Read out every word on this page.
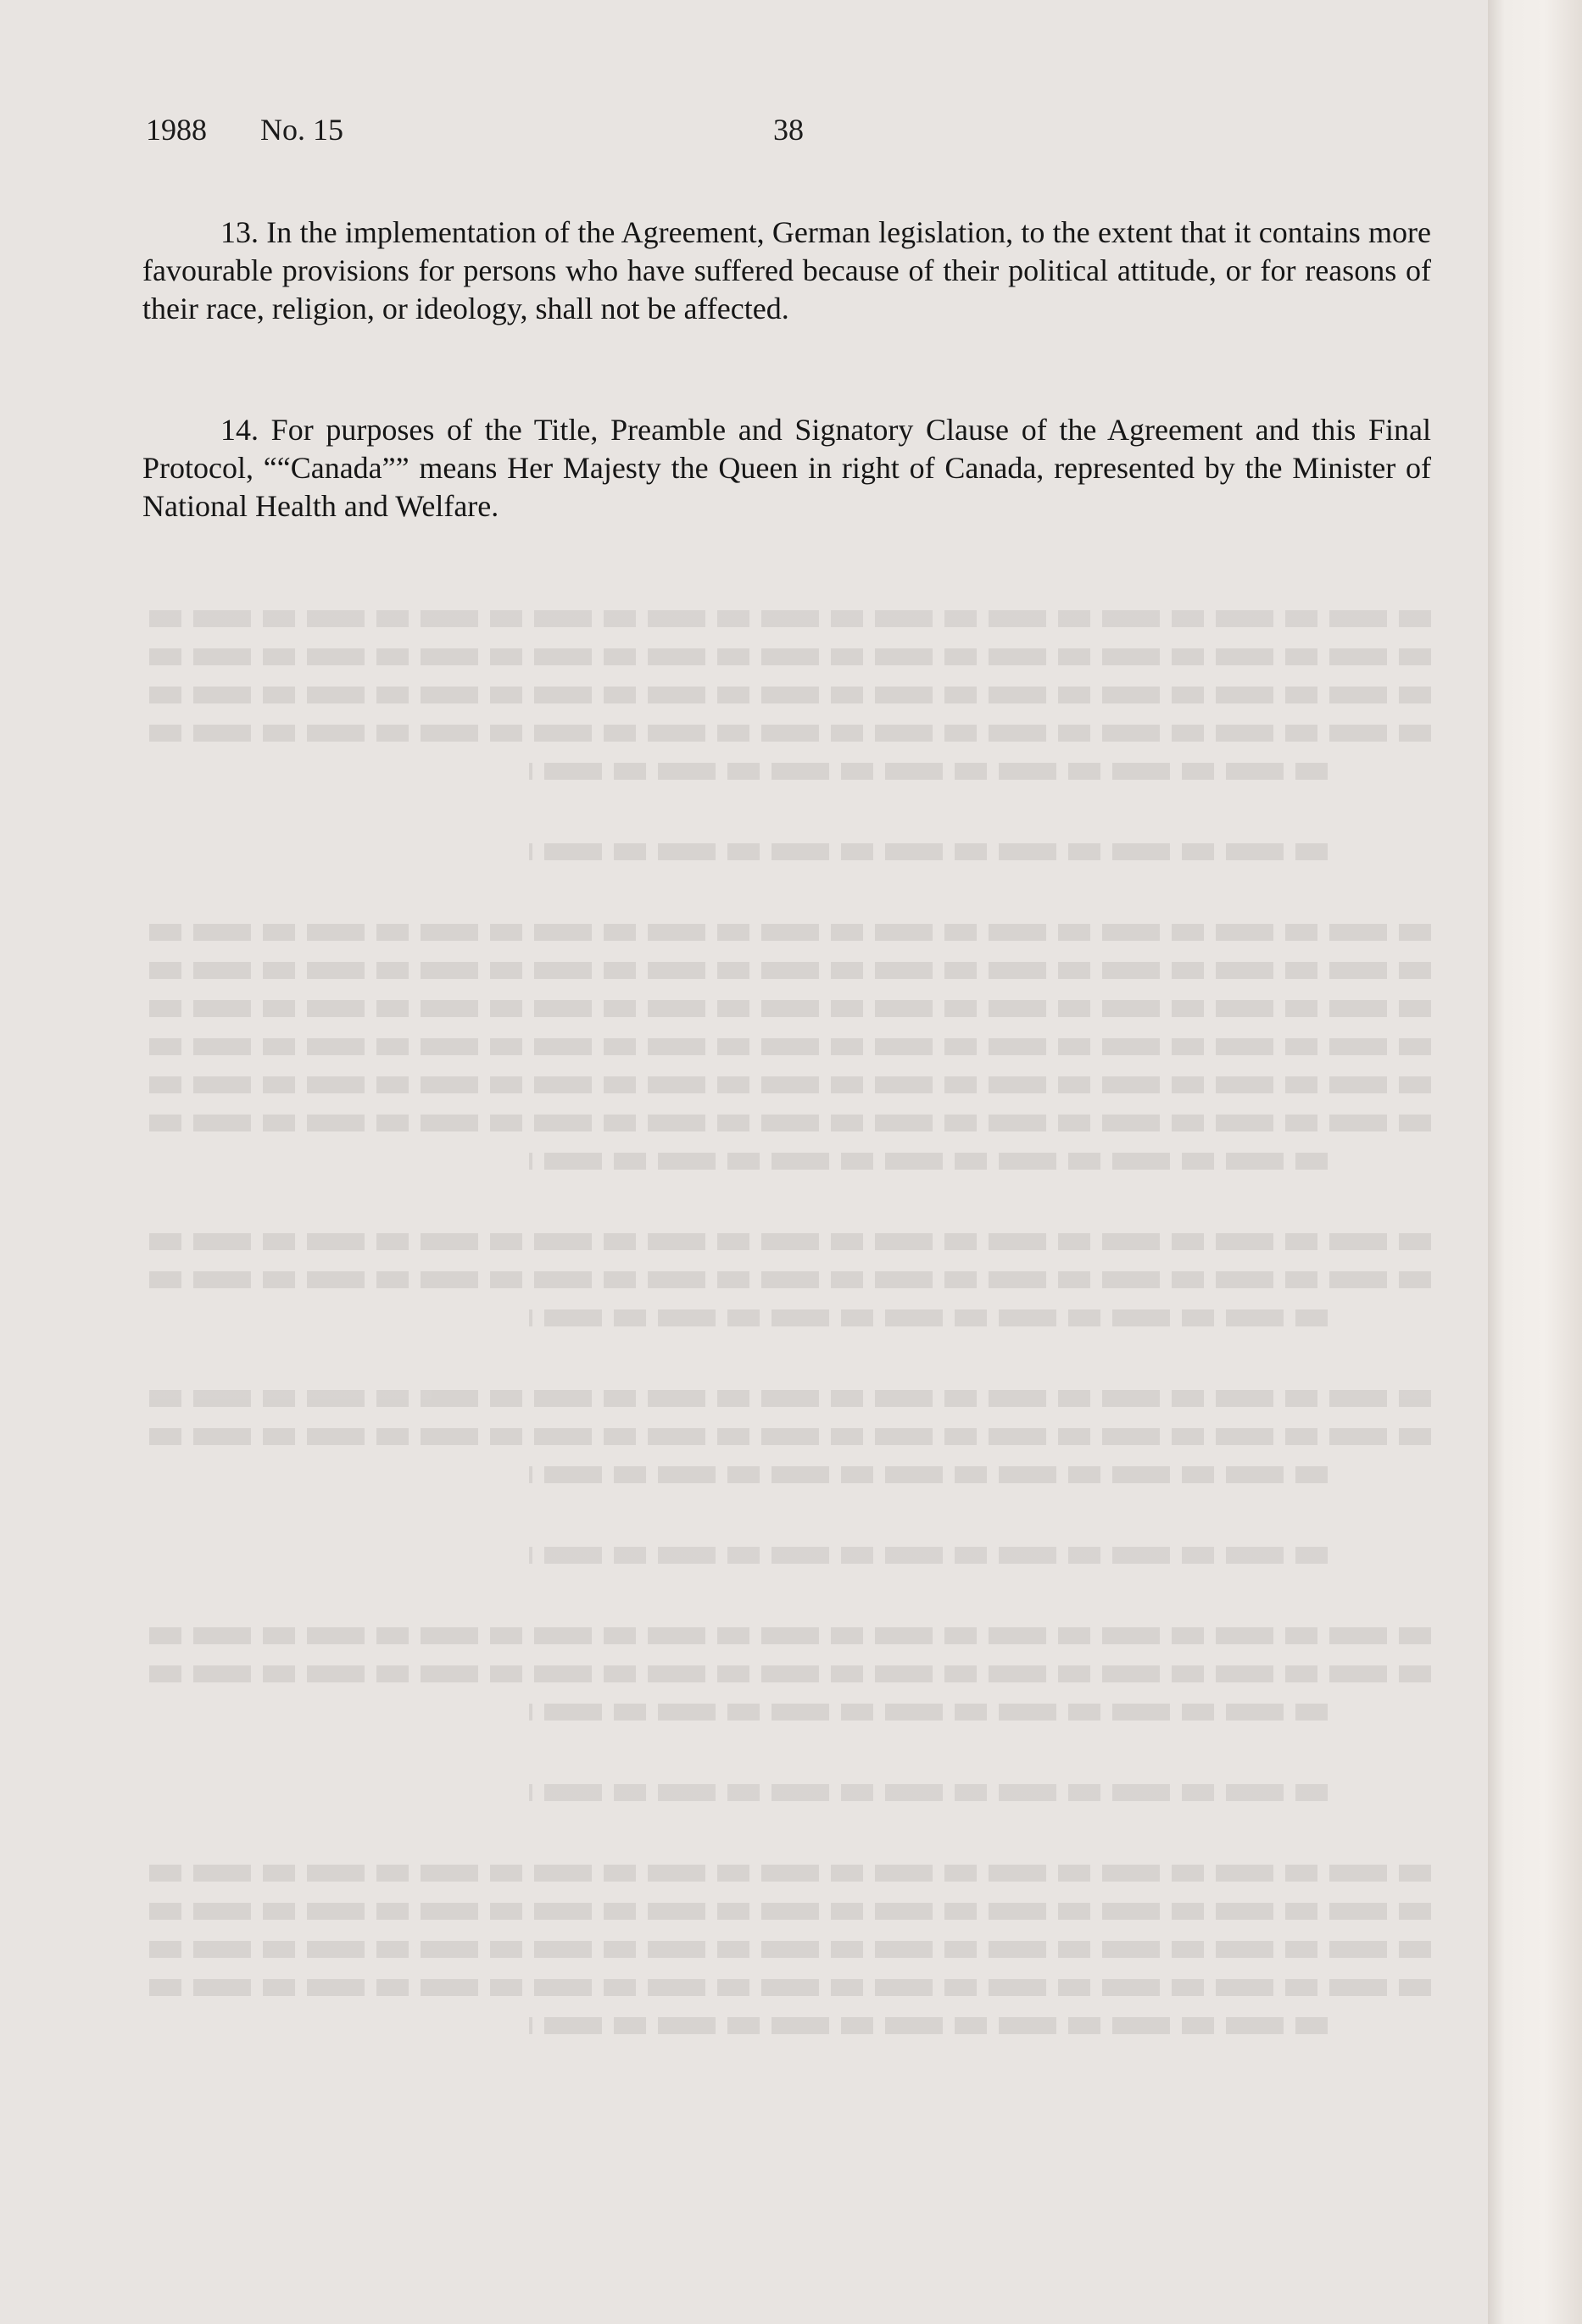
1988 No. 15	38

13. In the implementation of the Agreement, German legislation, to the extent that it contains more favourable provisions for persons who have suffered because of their political attitude, or for reasons of their race, religion, or ideology, shall not be affected.

14. For purposes of the Title, Preamble and Signatory Clause of the Agreement and this Final Protocol, ““Canada”” means Her Majesty the Queen in right of Canada, represented by the Minister of National Health and Welfare.
